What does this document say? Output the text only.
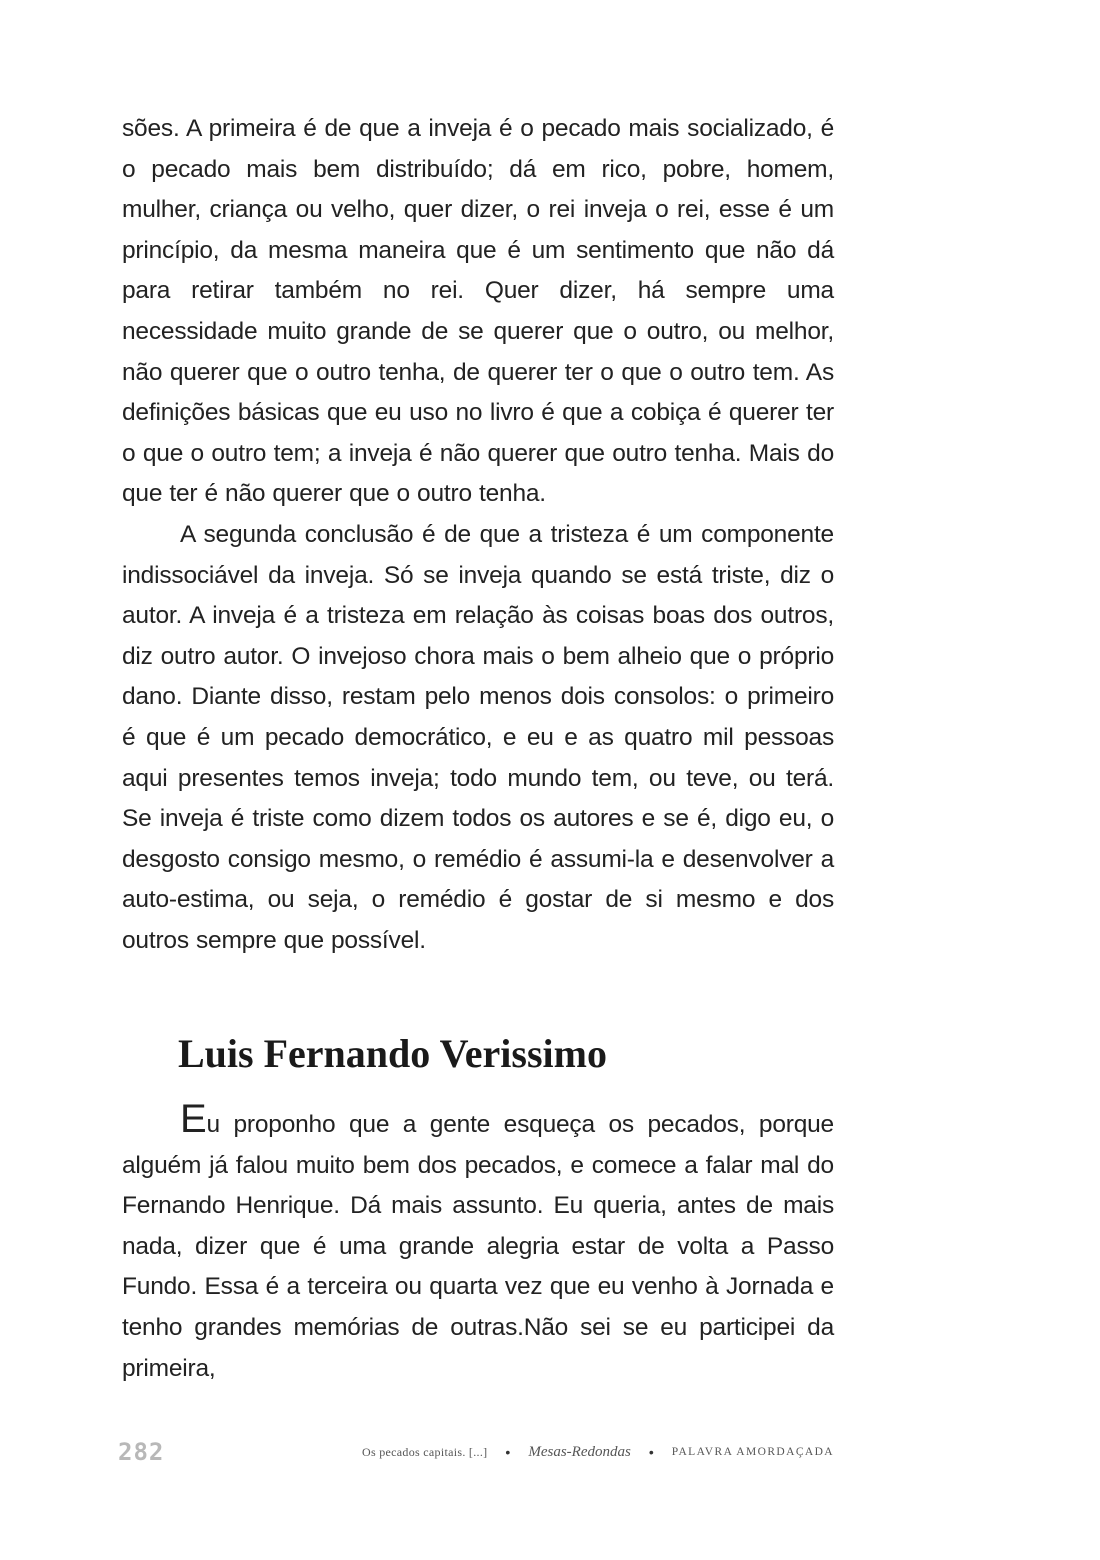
sões. A primeira é de que a inveja é o pecado mais socializado, é o pecado mais bem distribuído; dá em rico, pobre, homem, mulher, criança ou velho, quer dizer, o rei inveja o rei, esse é um princípio, da mesma maneira que é um sentimento que não dá para retirar também no rei. Quer dizer, há sempre uma necessidade muito grande de se querer que o outro, ou melhor, não querer que o outro tenha, de querer ter o que o outro tem. As definições básicas que eu uso no livro é que a cobiça é querer ter o que o outro tem; a inveja é não querer que outro tenha. Mais do que ter é não querer que o outro tenha.

A segunda conclusão é de que a tristeza é um componente indissociável da inveja. Só se inveja quando se está triste, diz o autor. A inveja é a tristeza em relação às coisas boas dos outros, diz outro autor. O invejoso chora mais o bem alheio que o próprio dano. Diante disso, restam pelo menos dois consolos: o primeiro é que é um pecado democrático, e eu e as quatro mil pessoas aqui presentes temos inveja; todo mundo tem, ou teve, ou terá. Se inveja é triste como dizem todos os autores e se é, digo eu, o desgosto consigo mesmo, o remédio é assumi-la e desenvolver a auto-estima, ou seja, o remédio é gostar de si mesmo e dos outros sempre que possível.

Luis Fernando Verissimo

Eu proponho que a gente esqueça os pecados, porque alguém já falou muito bem dos pecados, e comece a falar mal do Fernando Henrique. Dá mais assunto. Eu queria, antes de mais nada, dizer que é uma grande alegria estar de volta a Passo Fundo. Essa é a terceira ou quarta vez que eu venho à Jornada e tenho grandes memórias de outras.Não sei se eu participei da primeira,

282	Os pecados capitais. [...] • Mesas-Redondas • PALAVRA AMORDAÇADA
